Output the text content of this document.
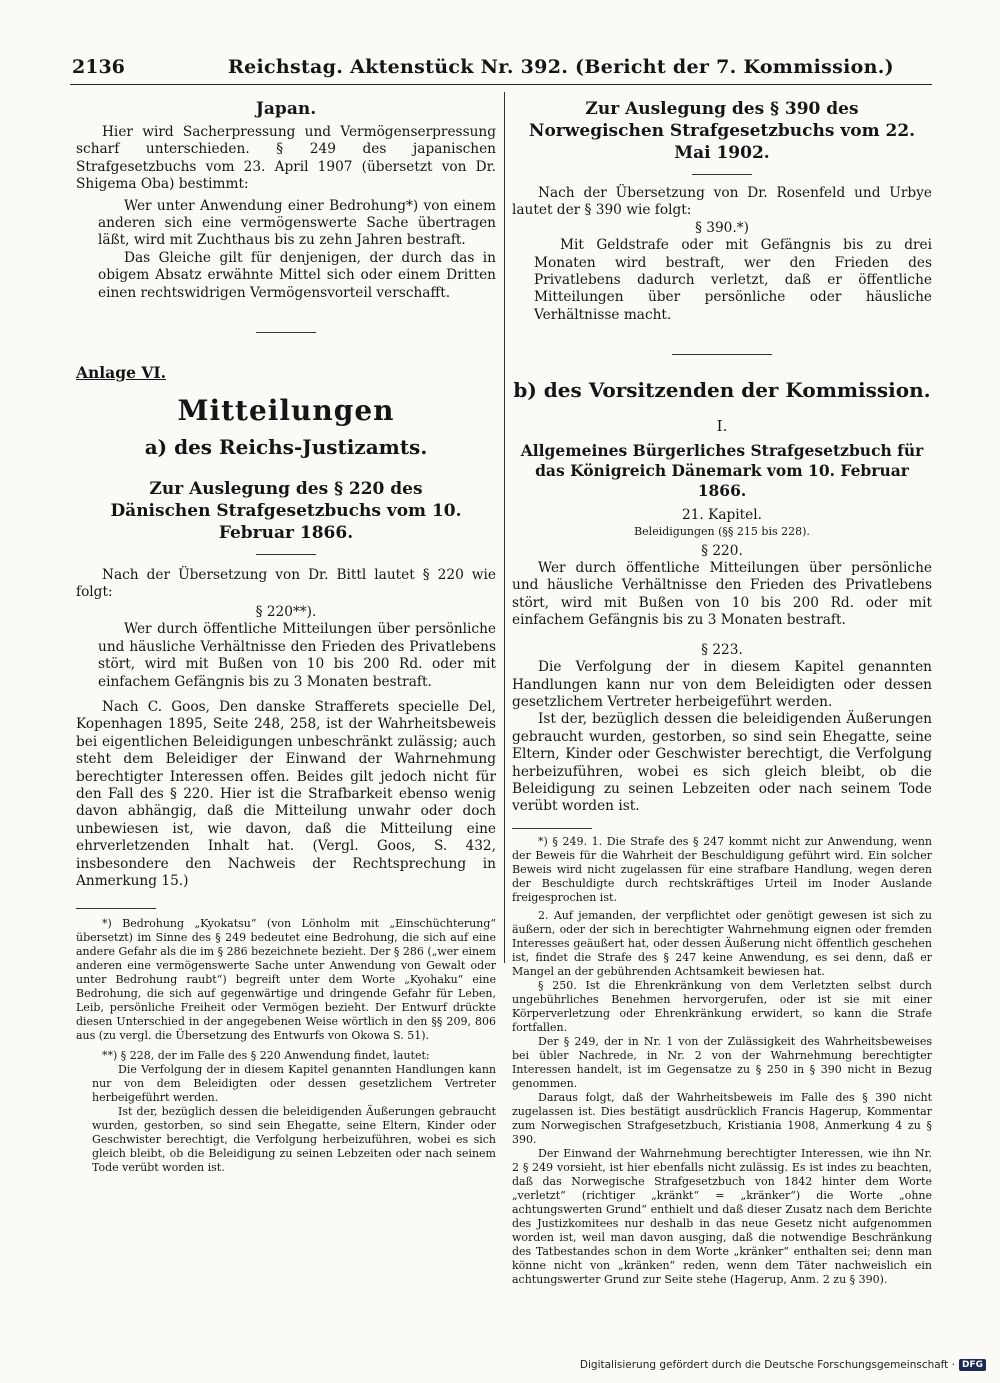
2136	Reichstag. Aktenstück Nr. 392. (Bericht der 7. Kommission.)
Japan.

Hier wird Sacherpressung und Vermögenserpressung scharf unterschieden. § 249 des japanischen Strafgesetzbuchs vom 23. April 1907 (übersetzt von Dr. Shigema Oba) bestimmt:

Wer unter Anwendung einer Bedrohung*) von einem anderen sich eine vermögenswerte Sache übertragen läßt, wird mit Zuchthaus bis zu zehn Jahren bestraft.

Das Gleiche gilt für denjenigen, der durch das in obigem Absatz erwähnte Mittel sich oder einem Dritten einen rechtswidrigen Vermögensvorteil verschafft.

Anlage VI.
Mitteilungen
a) des Reichs-Justizamts.
Zur Auslegung des § 220 des Dänischen Strafgesetzbuchs vom 10. Februar 1866.

Nach der Übersetzung von Dr. Bittl lautet § 220 wie folgt:

§ 220**).

Wer durch öffentliche Mitteilungen über persönliche und häusliche Verhältnisse den Frieden des Privatlebens stört, wird mit Bußen von 10 bis 200 Rd. oder mit einfachem Gefängnis bis zu 3 Monaten bestraft.

Nach C. Goos, Den danske Strafferets specielle Del, Kopenhagen 1895, Seite 248, 258, ist der Wahrheitsbeweis bei eigentlichen Beleidigungen unbeschränkt zulässig; auch steht dem Beleidiger der Einwand der Wahrnehmung berechtigter Interessen offen. Beides gilt jedoch nicht für den Fall des § 220. Hier ist die Strafbarkeit ebenso wenig davon abhängig, daß die Mitteilung unwahr oder doch unbewiesen ist, wie davon, daß die Mitteilung eine ehrverletzenden Inhalt hat. (Vergl. Goos, S. 432, insbesondere den Nachweis der Rechtsprechung in Anmerkung 15.)

*) Bedrohung „Kyokatsu“ (von Lönholm mit „Einschüchterung“ übersetzt) im Sinne des § 249 bedeutet eine Bedrohung, die sich auf eine andere Gefahr als die im § 286 bezeichnete bezieht. Der § 286 („wer einem anderen eine vermögenswerte Sache unter Anwendung von Gewalt oder unter Bedrohung raubt“) begreift unter dem Worte „Kyohaku“ eine Bedrohung, die sich auf gegenwärtige und dringende Gefahr für Leben, Leib, persönliche Freiheit oder Vermögen bezieht. Der Entwurf drückte diesen Unterschied in der angegebenen Weise wörtlich in den §§ 209, 806 aus (zu vergl. die Übersetzung des Entwurfs von Okowa S. 51).

**) § 228, der im Falle des § 220 Anwendung findet, lautet:

Die Verfolgung der in diesem Kapitel genannten Handlungen kann nur von dem Beleidigten oder dessen gesetzlichem Vertreter herbeigeführt werden.

Ist der, bezüglich dessen die beleidigenden Äußerungen gebraucht wurden, gestorben, so sind sein Ehegatte, seine Eltern, Kinder oder Geschwister berechtigt, die Verfolgung herbeizuführen, wobei es sich gleich bleibt, ob die Beleidigung zu seinen Lebzeiten oder nach seinem Tode verübt worden ist.

Zur Auslegung des § 390 des Norwegischen Strafgesetzbuchs vom 22. Mai 1902.

Nach der Übersetzung von Dr. Rosenfeld und Urbye lautet der § 390 wie folgt:

§ 390.*)

Mit Geldstrafe oder mit Gefängnis bis zu drei Monaten wird bestraft, wer den Frieden des Privatlebens dadurch verletzt, daß er öffentliche Mitteilungen über persönliche oder häusliche Verhältnisse macht.

b) des Vorsitzenden der Kommission.
I.
Allgemeines Bürgerliches Strafgesetzbuch für das Königreich Dänemark vom 10. Februar 1866.

21. Kapitel.

Beleidigungen (§§ 215 bis 228).

§ 220.

Wer durch öffentliche Mitteilungen über persönliche und häusliche Verhältnisse den Frieden des Privatlebens stört, wird mit Bußen von 10 bis 200 Rd. oder mit einfachem Gefängnis bis zu 3 Monaten bestraft.

§ 223.

Die Verfolgung der in diesem Kapitel genannten Handlungen kann nur von dem Beleidigten oder dessen gesetzlichem Vertreter herbeigeführt werden.

Ist der, bezüglich dessen die beleidigenden Äußerungen gebraucht wurden, gestorben, so sind sein Ehegatte, seine Eltern, Kinder oder Geschwister berechtigt, die Verfolgung herbeizuführen, wobei es sich gleich bleibt, ob die Beleidigung zu seinen Lebzeiten oder nach seinem Tode verübt worden ist.

*) § 249. 1. Die Strafe des § 247 kommt nicht zur Anwendung, wenn der Beweis für die Wahrheit der Beschuldigung geführt wird. Ein solcher Beweis wird nicht zugelassen für eine strafbare Handlung, wegen deren der Beschuldigte durch rechtskräftiges Urteil im Inoder Auslande freigesprochen ist.

2. Auf jemanden, der verpflichtet oder genötigt gewesen ist sich zu äußern, oder der sich in berechtigter Wahrnehmung eignen oder fremden Interesses geäußert hat, oder dessen Äußerung nicht öffentlich geschehen ist, findet die Strafe des § 247 keine Anwendung, es sei denn, daß er Mangel an der gebührenden Achtsamkeit bewiesen hat.

§ 250. Ist die Ehrenkränkung von dem Verletzten selbst durch ungebührliches Benehmen hervorgerufen, oder ist sie mit einer Körperverletzung oder Ehrenkränkung erwidert, so kann die Strafe fortfallen.

Der § 249, der in Nr. 1 von der Zulässigkeit des Wahrheitsbeweises bei übler Nachrede, in Nr. 2 von der Wahrnehmung berechtigter Interessen handelt, ist im Gegensatze zu § 250 in § 390 nicht in Bezug genommen.

Daraus folgt, daß der Wahrheitsbeweis im Falle des § 390 nicht zugelassen ist. Dies bestätigt ausdrücklich Francis Hagerup, Kommentar zum Norwegischen Strafgesetzbuch, Kristiania 1908, Anmerkung 4 zu § 390.

Der Einwand der Wahrnehmung berechtigter Interessen, wie ihn Nr. 2 § 249 vorsieht, ist hier ebenfalls nicht zulässig. Es ist indes zu beachten, daß das Norwegische Strafgesetzbuch von 1842 hinter dem Worte „verletzt“ (richtiger „kränkt“ = „kränker“) die Worte „ohne achtungswerten Grund“ enthielt und daß dieser Zusatz nach dem Berichte des Justizkomitees nur deshalb in das neue Gesetz nicht aufgenommen worden ist, weil man davon ausging, daß die notwendige Beschränkung des Tatbestandes schon in dem Worte „kränker“ enthalten sei; denn man könne nicht von „kränken“ reden, wenn dem Täter nachweislich ein achtungswerter Grund zur Seite stehe (Hagerup, Anm. 2 zu § 390).

Digitalisierung gefördert durch die Deutsche Forschungsgemeinschaft · DFG
